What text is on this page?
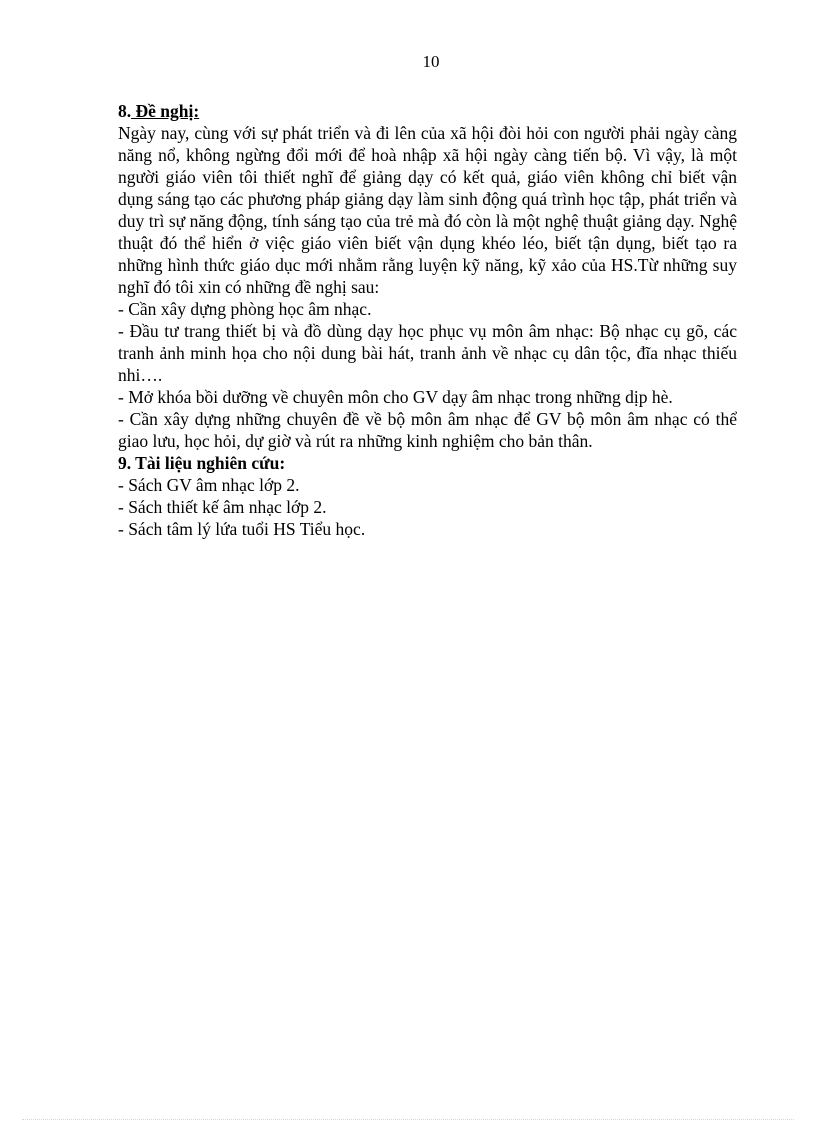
10

8. Đề nghị:

Ngày nay, cùng với sự phát triển và đi lên của xã hội đòi hỏi con người phải ngày càng năng nổ, không ngừng đổi mới để hoà nhập xã hội ngày càng tiến bộ. Vì vậy, là một người giáo viên tôi thiết nghĩ để giảng dạy có kết quả, giáo viên không chỉ biết vận dụng sáng tạo các phương pháp giảng dạy làm sinh động quá trình học tập, phát triển và duy trì sự năng động, tính sáng tạo của trẻ mà đó còn là một nghệ thuật giảng dạy. Nghệ thuật đó thể hiển ở việc giáo viên biết vận dụng khéo léo, biết tận dụng, biết tạo ra những hình thức giáo dục mới nhằm rằng luyện kỹ năng, kỹ xảo của HS.Từ những suy nghĩ đó tôi xin có những đề nghị sau:

- Cần xây dựng phòng học âm nhạc.

- Đầu tư trang thiết bị và đồ dùng dạy học phục vụ môn âm nhạc: Bộ nhạc cụ gõ, các tranh ảnh minh họa cho nội dung bài hát, tranh ảnh về nhạc cụ dân tộc, đĩa nhạc thiếu nhi….

- Mở khóa bồi dưỡng về chuyên môn cho GV dạy âm nhạc trong những dịp hè.

- Cần xây dựng những chuyên đề về bộ môn âm nhạc để GV bộ môn âm nhạc có thể giao lưu, học hỏi, dự giờ và rút ra những kinh nghiệm cho bản thân.

9. Tài liệu nghiên cứu:

- Sách GV âm nhạc lớp 2.

- Sách thiết kế âm nhạc lớp 2.

- Sách tâm lý lứa tuổi HS Tiểu học.
